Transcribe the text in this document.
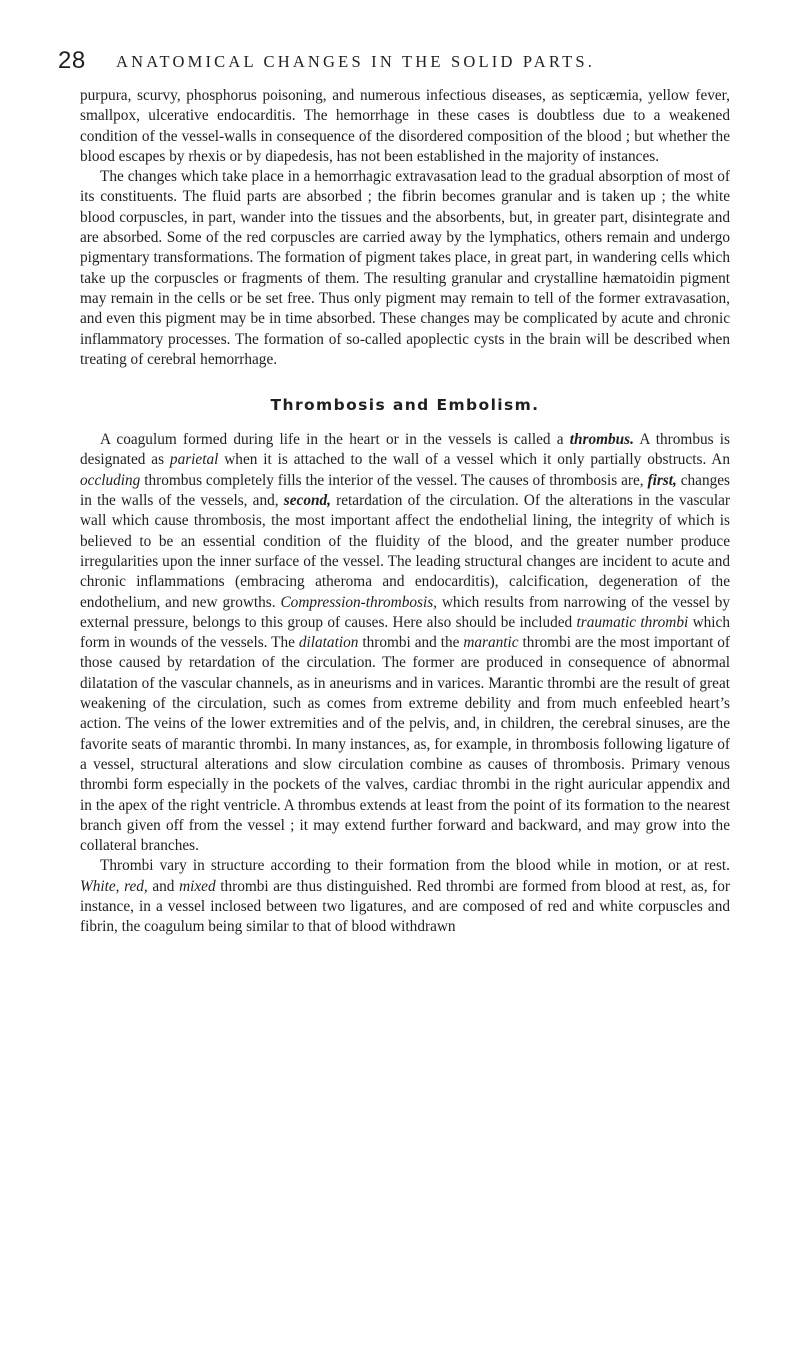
28 ANATOMICAL CHANGES IN THE SOLID PARTS.

purpura, scurvy, phosphorus poisoning, and numerous infectious diseases, as septicæmia, yellow fever, smallpox, ulcerative endocarditis. The hemorrhage in these cases is doubtless due to a weakened condition of the vessel-walls in consequence of the disordered composition of the blood ; but whether the blood escapes by rhexis or by diapedesis, has not been established in the majority of instances.

The changes which take place in a hemorrhagic extravasation lead to the gradual absorption of most of its constituents. The fluid parts are absorbed ; the fibrin becomes granular and is taken up ; the white blood corpuscles, in part, wander into the tissues and the absorbents, but, in greater part, disintegrate and are absorbed. Some of the red corpuscles are carried away by the lymphatics, others remain and undergo pigmentary transformations. The formation of pigment takes place, in great part, in wandering cells which take up the corpuscles or fragments of them. The resulting granular and crystalline hæmatoidin pigment may remain in the cells or be set free. Thus only pigment may remain to tell of the former extravasation, and even this pigment may be in time absorbed. These changes may be complicated by acute and chronic inflammatory processes. The formation of so-called apoplectic cysts in the brain will be described when treating of cerebral hemorrhage.

Thrombosis and Embolism.

A coagulum formed during life in the heart or in the vessels is called a thrombus. A thrombus is designated as parietal when it is attached to the wall of a vessel which it only partially obstructs. An occluding thrombus completely fills the interior of the vessel. The causes of thrombosis are, first, changes in the walls of the vessels, and, second, retardation of the circulation. Of the alterations in the vascular wall which cause thrombosis, the most important affect the endothelial lining, the integrity of which is believed to be an essential condition of the fluidity of the blood, and the greater number produce irregularities upon the inner surface of the vessel. The leading structural changes are incident to acute and chronic inflammations (embracing atheroma and endocarditis), calcification, degeneration of the endothelium, and new growths. Compression-thrombosis, which results from narrowing of the vessel by external pressure, belongs to this group of causes. Here also should be included traumatic thrombi which form in wounds of the vessels. The dilatation thrombi and the marantic thrombi are the most important of those caused by retardation of the circulation. The former are produced in consequence of abnormal dilatation of the vascular channels, as in aneurisms and in varices. Marantic thrombi are the result of great weakening of the circulation, such as comes from extreme debility and from much enfeebled heart’s action. The veins of the lower extremities and of the pelvis, and, in children, the cerebral sinuses, are the favorite seats of marantic thrombi. In many instances, as, for example, in thrombosis following ligature of a vessel, structural alterations and slow circulation combine as causes of thrombosis. Primary venous thrombi form especially in the pockets of the valves, cardiac thrombi in the right auricular appendix and in the apex of the right ventricle. A thrombus extends at least from the point of its formation to the nearest branch given off from the vessel ; it may extend further forward and backward, and may grow into the collateral branches.

Thrombi vary in structure according to their formation from the blood while in motion, or at rest. White, red, and mixed thrombi are thus distinguished. Red thrombi are formed from blood at rest, as, for instance, in a vessel inclosed between two ligatures, and are composed of red and white corpuscles and fibrin, the coagulum being similar to that of blood withdrawn
